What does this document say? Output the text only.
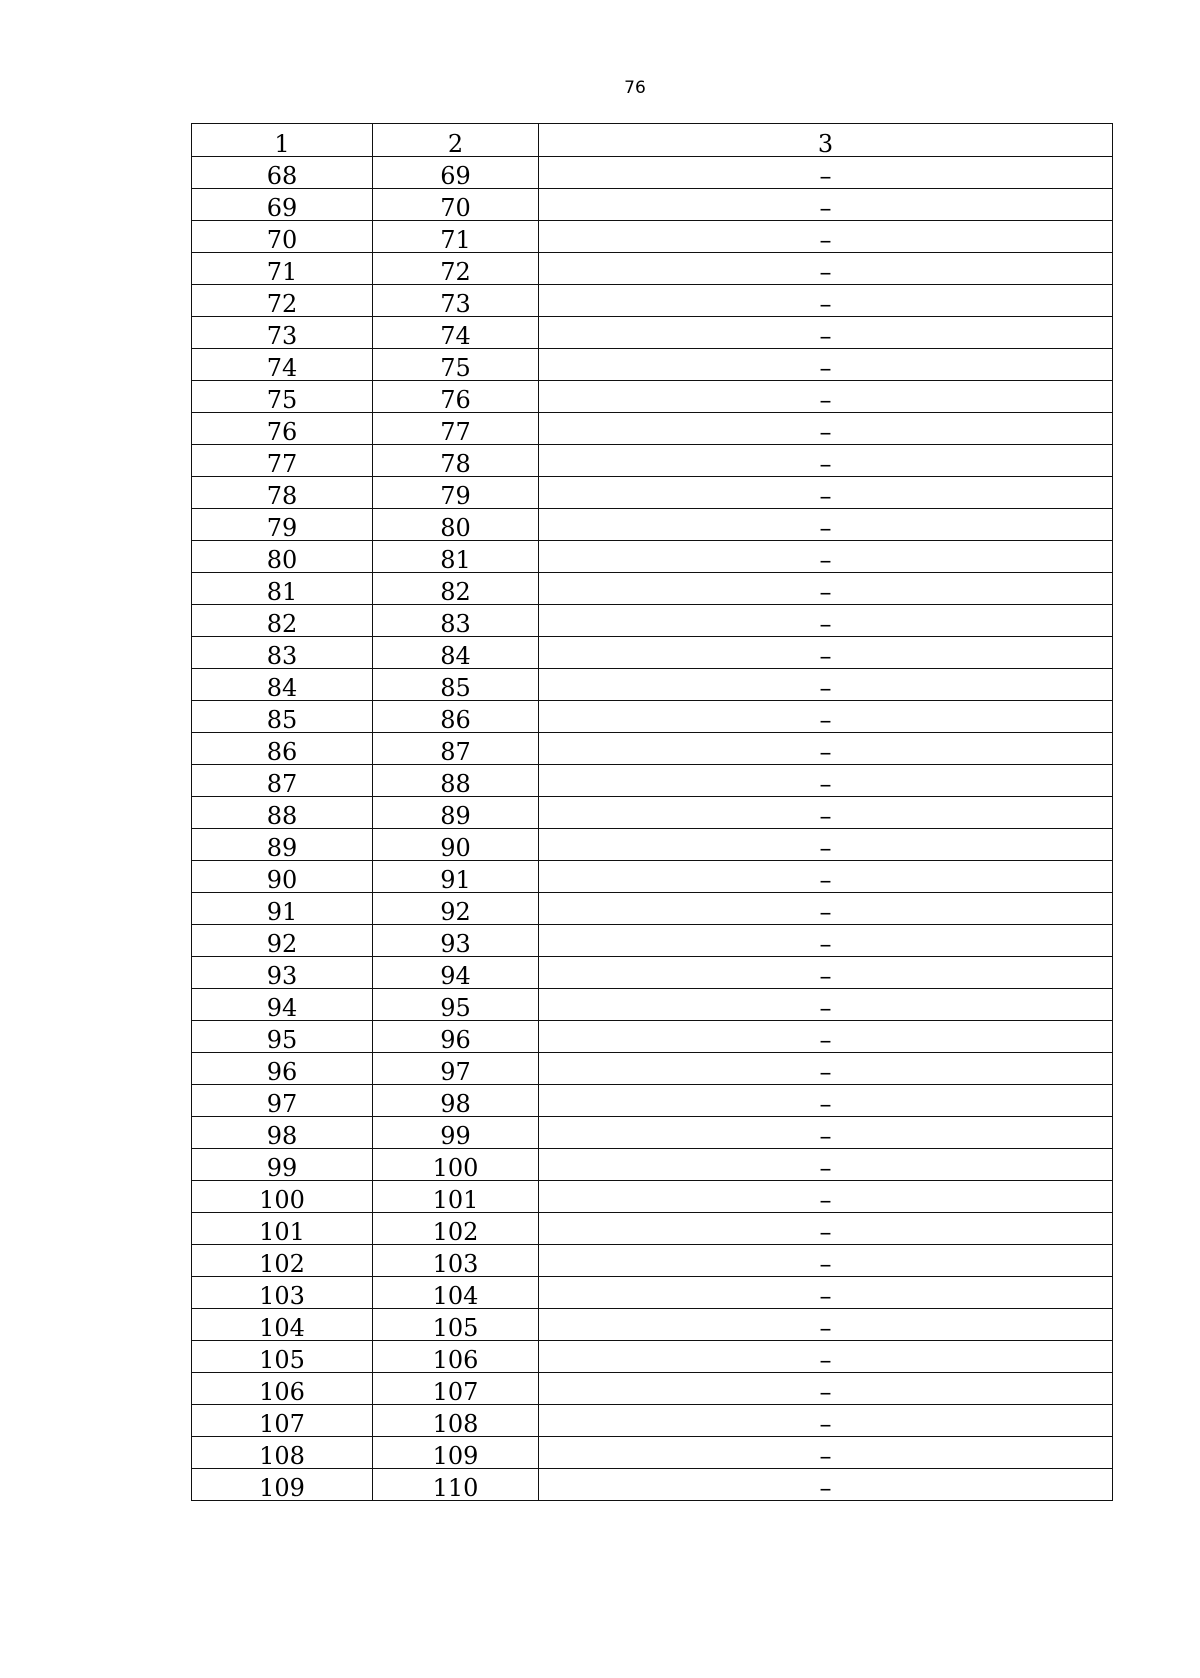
76
1	2	3
68	69	–
69	70	–
70	71	–
71	72	–
72	73	–
73	74	–
74	75	–
75	76	–
76	77	–
77	78	–
78	79	–
79	80	–
80	81	–
81	82	–
82	83	–
83	84	–
84	85	–
85	86	–
86	87	–
87	88	–
88	89	–
89	90	–
90	91	–
91	92	–
92	93	–
93	94	–
94	95	–
95	96	–
96	97	–
97	98	–
98	99	–
99	100	–
100	101	–
101	102	–
102	103	–
103	104	–
104	105	–
105	106	–
106	107	–
107	108	–
108	109	–
109	110	–
